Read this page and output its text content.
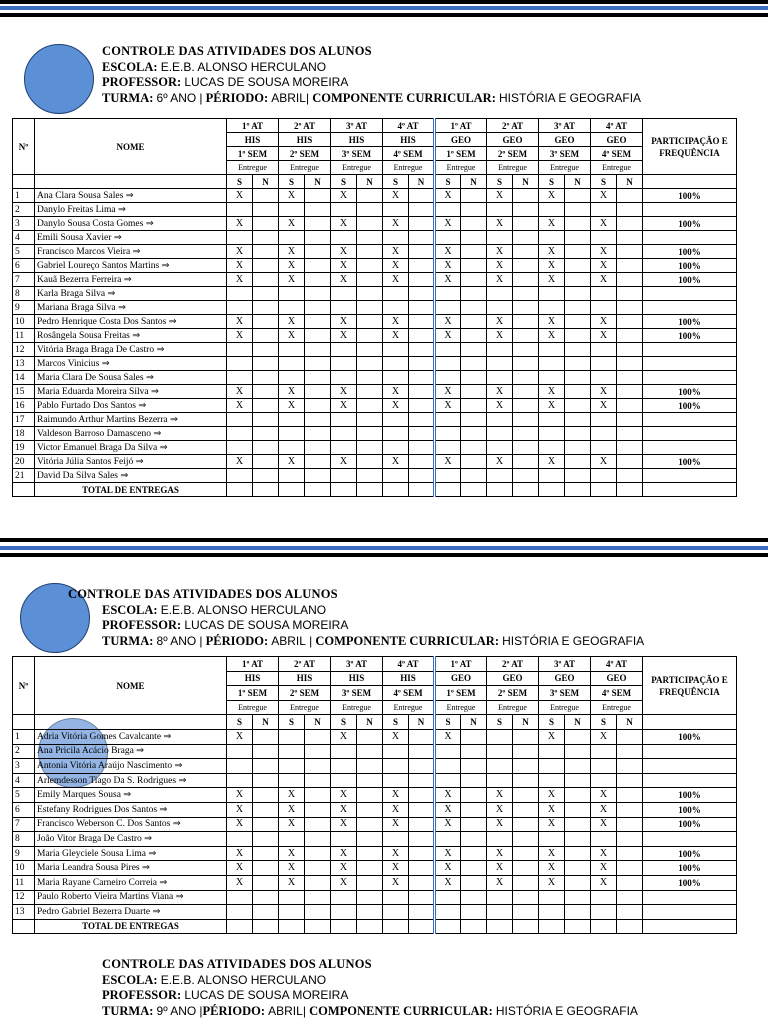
CONTROLE DAS ATIVIDADES DOS ALUNOS
ESCOLA: E.E.B. ALONSO HERCULANO
PROFESSOR: LUCAS DE SOUSA MOREIRA
TURMA: 6º ANO | PÉRIODO: ABRIL| COMPONENTE CURRICULAR: HISTÓRIA E GEOGRAFIA
Nº	NOME	1º AT		2º AT		3º AT		4º AT		1º AT		2º AT		3º AT		4º AT		PARTICIPAÇÃO E FREQUÊNCIA
		HIS		HIS		HIS		HIS		GEO		GEO		GEO		GEO		
		1º SEM		2º SEM		3º SEM		4º SEM		1º SEM		2º SEM		3º SEM		4º SEM		
		Entregue		Entregue		Entregue		Entregue		Entregue		Entregue		Entregue		Entregue		
		S	N	S	N	S	N	S	N	S	N	S	N	S	N	S	N	
1	Ana Clara Sousa Sales ⇒	X		X		X		X		X		X		X		X		100%
2	Danylo Freitas Lima ⇒																	
3	Danylo Sousa Costa Gomes ⇒	X		X		X		X		X		X		X		X		100%
4	Emili Sousa Xavier ⇒																	
5	Francisco Marcos Vieira ⇒	X		X		X		X		X		X		X		X		100%
6	Gabriel Loureço Santos Martins ⇒	X		X		X		X		X		X		X		X		100%
7	Kauã Bezerra Ferreira ⇒	X		X		X		X		X		X		X		X		100%
8	Karla Braga Silva ⇒																	
9	Mariana Braga Silva ⇒																	
10	Pedro Henrique Costa Dos Santos ⇒	X		X		X		X		X		X		X		X		100%
11	Rosângela Sousa Freitas ⇒	X		X		X		X		X		X		X		X		100%
12	Vitória Braga Braga De Castro ⇒																	
13	Marcos Vinicius ⇒																	
14	Maria Clara De Sousa Sales ⇒																	
15	Maria Eduarda Moreira Silva ⇒	X		X		X		X		X		X		X		X		100%
16	Pablo Furtado Dos Santos ⇒	X		X		X		X		X		X		X		X		100%
17	Raimundo Arthur Martins Bezerra ⇒																	
18	Valdeson Barroso Damasceno ⇒																	
19	Victor Emanuel Braga Da Silva ⇒																	
20	Vitória Júlia Santos Feijó ⇒	X		X		X		X		X		X		X		X		100%
21	David Da Silva Sales ⇒																	
	TOTAL DE ENTREGAS																	
CONTROLE DAS ATIVIDADES DOS ALUNOS
ESCOLA: E.E.B. ALONSO HERCULANO
PROFESSOR: LUCAS DE SOUSA MOREIRA
TURMA: 8º ANO | PÉRIODO: ABRIL | COMPONENTE CURRICULAR: HISTÓRIA E GEOGRAFIA
Nº	NOME	1º AT		2º AT		3º AT		4º AT		1º AT		2º AT		3º AT		4º AT		PARTICIPAÇÃO E FREQUÊNCIA
		HIS		HIS		HIS		HIS		GEO		GEO		GEO		GEO		
		1º SEM		2º SEM		3º SEM		4º SEM		1º SEM		2º SEM		3º SEM		4º SEM		
		Entregue		Entregue		Entregue		Entregue		Entregue		Entregue		Entregue		Entregue		
		S	N	S	N	S	N	S	N	S	N	S	N	S	N	S	N	
1	Adria Vitória Gomes Cavalcante ⇒	X				X		X		X				X		X		100%
2	Ana Pricila Acácio Braga ⇒																	
3	Antonia Vitória Araújo Nascimento ⇒																	
4	Arlemdesson Tiago Da S. Rodrigues ⇒																	
5	Emily Marques Sousa ⇒	X		X		X		X		X		X		X		X		100%
6	Estefany Rodrigues Dos Santos ⇒	X		X		X		X		X		X		X		X		100%
7	Francisco Weberson C. Dos Santos ⇒	X		X		X		X		X		X		X		X		100%
8	João Vitor Braga De Castro ⇒																	
9	Maria Gleyciele Sousa Lima ⇒	X		X		X		X		X		X		X		X		100%
10	Maria Leandra Sousa Pires ⇒	X		X		X		X		X		X		X		X		100%
11	Maria Rayane Carneiro Correia ⇒	X		X		X		X		X		X		X		X		100%
12	Paulo Roberto Vieira Martins Viana ⇒																	
13	Pedro Gabriel Bezerra Duarte ⇒																	
	TOTAL DE ENTREGAS																	
CONTROLE DAS ATIVIDADES DOS ALUNOS
ESCOLA: E.E.B. ALONSO HERCULANO
PROFESSOR: LUCAS DE SOUSA MOREIRA
TURMA: 9º ANO |PÉRIODO: ABRIL| COMPONENTE CURRICULAR: HISTÓRIA E GEOGRAFIA
